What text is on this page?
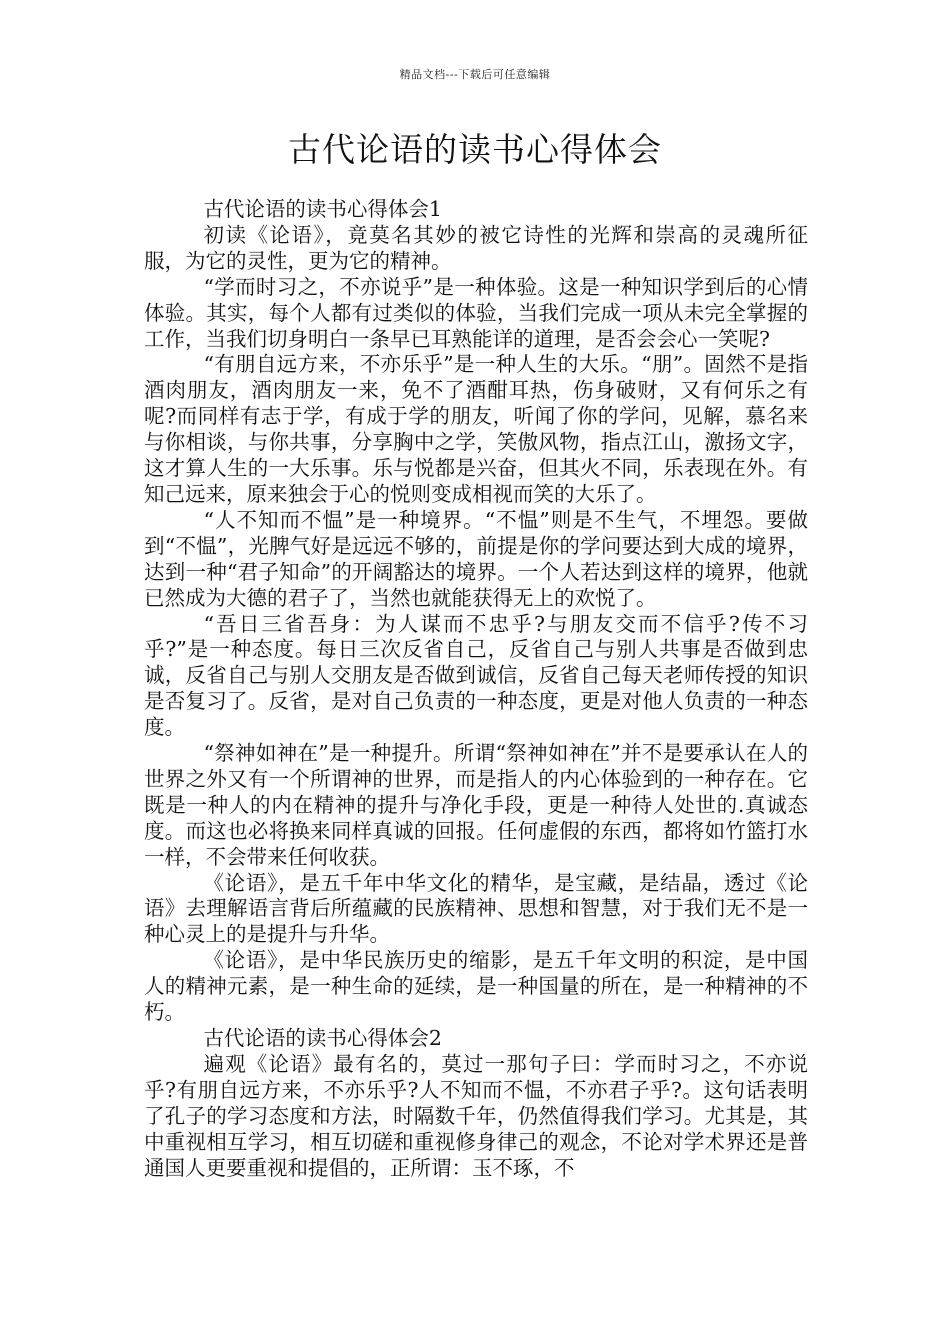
精品文档---下载后可任意编辑
古代论语的读书心得体会

古代论语的读书心得体会1

初读《论语》，竟莫名其妙的被它诗性的光辉和崇高的灵魂所征服，为它的灵性，更为它的精神。

“学而时习之，不亦说乎”是一种体验。这是一种知识学到后的心情体验。其实，每个人都有过类似的体验，当我们完成一项从未完全掌握的工作，当我们切身明白一条早已耳熟能详的道理，是否会会心一笑呢?

“有朋自远方来，不亦乐乎”是一种人生的大乐。“朋”。固然不是指酒肉朋友，酒肉朋友一来，免不了酒酣耳热，伤身破财，又有何乐之有呢?而同样有志于学，有成于学的朋友，听闻了你的学问，见解，慕名来与你相谈，与你共事，分享胸中之学，笑傲风物，指点江山，激扬文字，这才算人生的一大乐事。乐与悦都是兴奋，但其火不同，乐表现在外。有知己远来，原来独会于心的悦则变成相视而笑的大乐了。

“人不知而不愠”是一种境界。“不愠”则是不生气，不埋怨。要做到“不愠”，光脾气好是远远不够的，前提是你的学问要达到大成的境界，达到一种“君子知命”的开阔豁达的境界。一个人若达到这样的境界，他就已然成为大德的君子了，当然也就能获得无上的欢悦了。

“吾日三省吾身：为人谋而不忠乎?与朋友交而不信乎?传不习乎?”是一种态度。每日三次反省自己，反省自己与别人共事是否做到忠诚，反省自己与别人交朋友是否做到诚信，反省自己每天老师传授的知识是否复习了。反省，是对自己负责的一种态度，更是对他人负责的一种态度。

“祭神如神在”是一种提升。所谓“祭神如神在”并不是要承认在人的世界之外又有一个所谓神的世界，而是指人的内心体验到的一种存在。它既是一种人的内在精神的提升与净化手段，更是一种待人处世的.真诚态度。而这也必将换来同样真诚的回报。任何虚假的东西，都将如竹篮打水一样，不会带来任何收获。

《论语》，是五千年中华文化的精华，是宝藏，是结晶，透过《论语》去理解语言背后所蕴藏的民族精神、思想和智慧，对于我们无不是一种心灵上的是提升与升华。

《论语》，是中华民族历史的缩影，是五千年文明的积淀，是中国人的精神元素，是一种生命的延续，是一种国量的所在，是一种精神的不朽。

古代论语的读书心得体会2

遍观《论语》最有名的，莫过一那句子曰：学而时习之，不亦说乎?有朋自远方来，不亦乐乎?人不知而不愠，不亦君子乎?。这句话表明了孔子的学习态度和方法，时隔数千年，仍然值得我们学习。尤其是，其中重视相互学习，相互切磋和重视修身律己的观念，不论对学术界还是普通国人更要重视和提倡的，正所谓：玉不琢，不
